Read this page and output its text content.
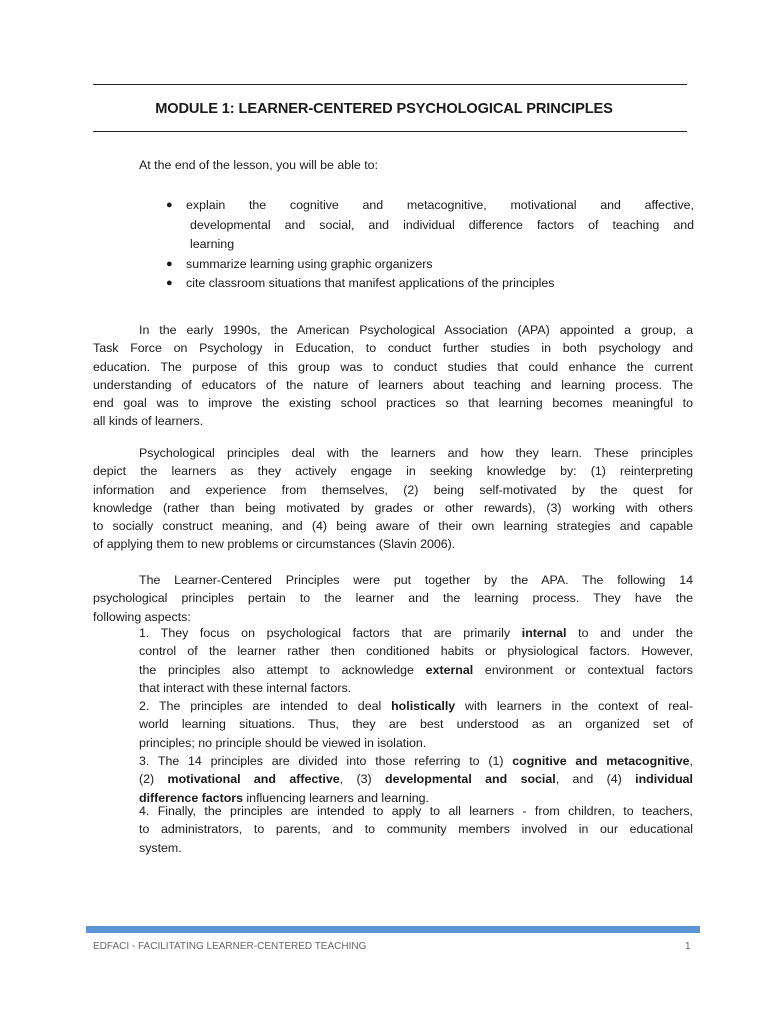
MODULE 1: LEARNER-CENTERED PSYCHOLOGICAL PRINCIPLES
At the end of the lesson, you will be able to:
● explain the cognitive and metacognitive, motivational and affective,
developmental and social, and individual difference factors of teaching and
learning
● summarize learning using graphic organizers
● cite classroom situations that manifest applications of the principles
In the early 1990s, the American Psychological Association (APA) appointed a group, a
Task Force on Psychology in Education, to conduct further studies in both psychology and
education. The purpose of this group was to conduct studies that could enhance the current
understanding of educators of the nature of learners about teaching and learning process. The
end goal was to improve the existing school practices so that learning becomes meaningful to
all kinds of learners.
Psychological principles deal with the learners and how they learn. These principles
depict the learners as they actively engage in seeking knowledge by: (1) reinterpreting
information and experience from themselves, (2) being self-motivated by the quest for
knowledge (rather than being motivated by grades or other rewards), (3) working with others
to socially construct meaning, and (4) being aware of their own learning strategies and capable
of applying them to new problems or circumstances (Slavin 2006).
The Learner-Centered Principles were put together by the APA. The following 14
psychological principles pertain to the learner and the learning process. They have the
following aspects:
1. They focus on psychological factors that are primarily internal to and under the
control of the learner rather then conditioned habits or physiological factors. However,
the principles also attempt to acknowledge external environment or contextual factors
that interact with these internal factors.
2. The principles are intended to deal holistically with learners in the context of real-
world learning situations. Thus, they are best understood as an organized set of
principles; no principle should be viewed in isolation.
3. The 14 principles are divided into those referring to (1) cognitive and metacognitive,
(2) motivational and affective, (3) developmental and social, and (4) individual
difference factors influencing learners and learning.
4. Finally, the principles are intended to apply to all learners - from children, to teachers,
to administrators, to parents, and to community members involved in our educational
system.
EDFACI - FACILITATING LEARNER-CENTERED TEACHING	1
